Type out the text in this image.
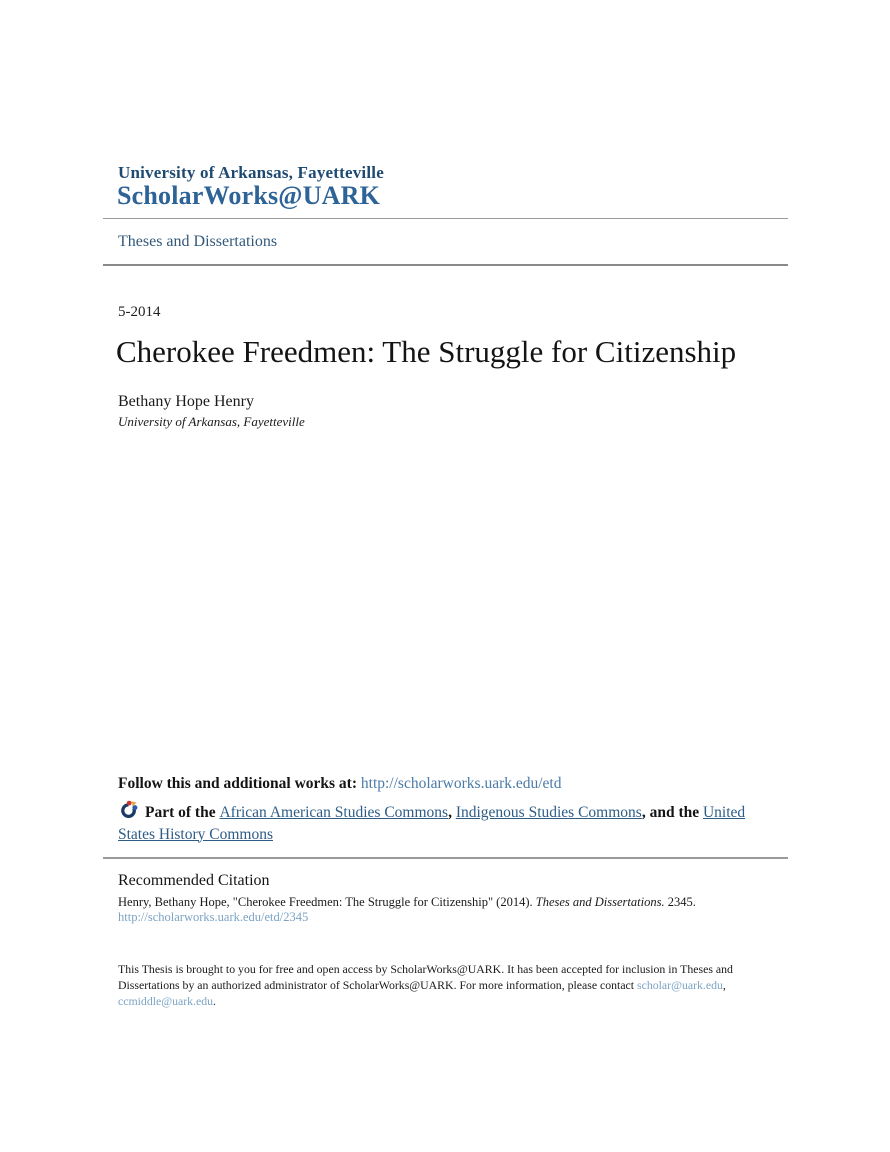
University of Arkansas, Fayetteville
ScholarWorks@UARK
Theses and Dissertations
5-2014
Cherokee Freedmen: The Struggle for Citizenship
Bethany Hope Henry
University of Arkansas, Fayetteville
Follow this and additional works at: http://scholarworks.uark.edu/etd

Part of the African American Studies Commons, Indigenous Studies Commons, and the United States History Commons

Recommended Citation

Henry, Bethany Hope, "Cherokee Freedmen: The Struggle for Citizenship" (2014). Theses and Dissertations. 2345.

http://scholarworks.uark.edu/etd/2345

This Thesis is brought to you for free and open access by ScholarWorks@UARK. It has been accepted for inclusion in Theses and Dissertations by an authorized administrator of ScholarWorks@UARK. For more information, please contact scholar@uark.edu, ccmiddle@uark.edu.
